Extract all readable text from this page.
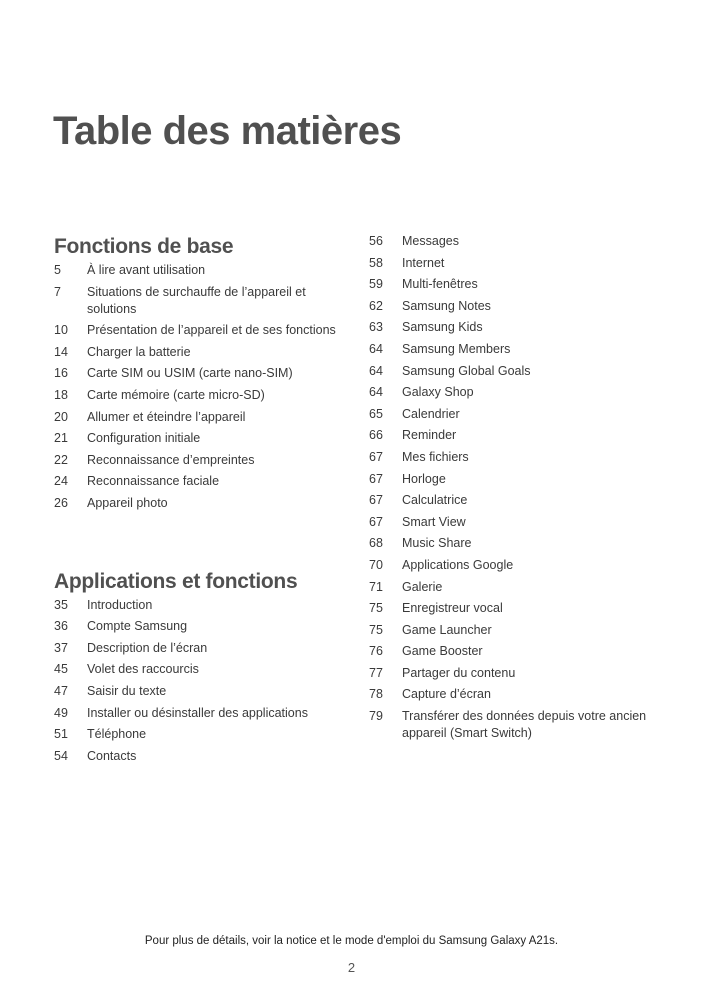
Table des matières
Fonctions de base
5	À lire avant utilisation
7	Situations de surchauffe de l’appareil et solutions
10	Présentation de l’appareil et de ses fonctions
14	Charger la batterie
16	Carte SIM ou USIM (carte nano-SIM)
18	Carte mémoire (carte micro-SD)
20	Allumer et éteindre l’appareil
21	Configuration initiale
22	Reconnaissance d’empreintes
24	Reconnaissance faciale
26	Appareil photo
Applications et fonctions
35	Introduction
36	Compte Samsung
37	Description de l’écran
45	Volet des raccourcis
47	Saisir du texte
49	Installer ou désinstaller des applications
51	Téléphone
54	Contacts
56	Messages
58	Internet
59	Multi-fenêtres
62	Samsung Notes
63	Samsung Kids
64	Samsung Members
64	Samsung Global Goals
64	Galaxy Shop
65	Calendrier
66	Reminder
67	Mes fichiers
67	Horloge
67	Calculatrice
67	Smart View
68	Music Share
70	Applications Google
71	Galerie
75	Enregistreur vocal
75	Game Launcher
76	Game Booster
77	Partager du contenu
78	Capture d’écran
79	Transférer des données depuis votre ancien appareil (Smart Switch)
Pour plus de détails, voir la notice et le mode d'emploi du Samsung Galaxy A21s.
2
